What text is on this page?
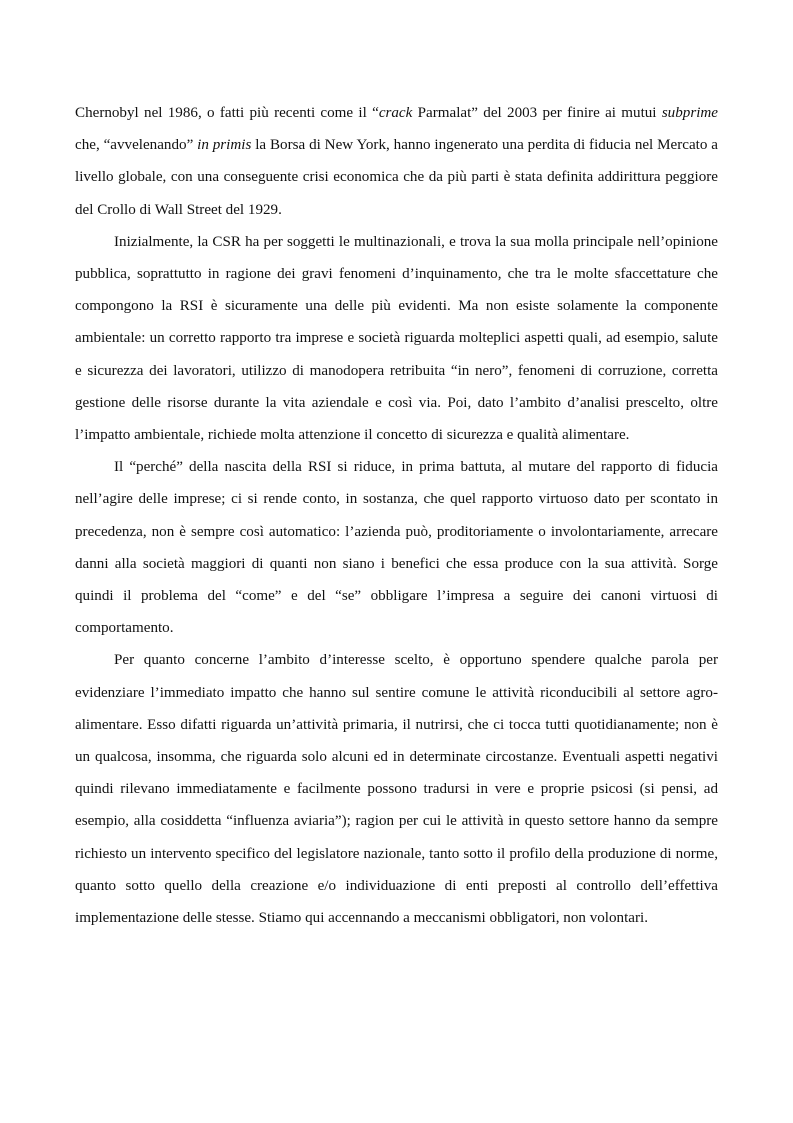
Chernobyl nel 1986, o fatti più recenti come il “crack Parmalat” del 2003 per finire ai mutui subprime che, “avvelenando” in primis la Borsa di New York, hanno ingenerato una perdita di fiducia nel Mercato a livello globale, con una conseguente crisi economica che da più parti è stata definita addirittura peggiore del Crollo di Wall Street del 1929.

Inizialmente, la CSR ha per soggetti le multinazionali, e trova la sua molla principale nell’opinione pubblica, soprattutto in ragione dei gravi fenomeni d’inquinamento, che tra le molte sfaccettature che compongono la RSI è sicuramente una delle più evidenti. Ma non esiste solamente la componente ambientale: un corretto rapporto tra imprese e società riguarda molteplici aspetti quali, ad esempio, salute e sicurezza dei lavoratori, utilizzo di manodopera retribuita “in nero”, fenomeni di corruzione, corretta gestione delle risorse durante la vita aziendale e così via. Poi, dato l’ambito d’analisi prescelto, oltre l’impatto ambientale, richiede molta attenzione il concetto di sicurezza e qualità alimentare.

Il “perché” della nascita della RSI si riduce, in prima battuta, al mutare del rapporto di fiducia nell’agire delle imprese; ci si rende conto, in sostanza, che quel rapporto virtuoso dato per scontato in precedenza, non è sempre così automatico: l’azienda può, proditoriamente o involontariamente, arrecare danni alla società maggiori di quanti non siano i benefici che essa produce con la sua attività. Sorge quindi il problema del “come” e del “se” obbligare l’impresa a seguire dei canoni virtuosi di comportamento.

Per quanto concerne l’ambito d’interesse scelto, è opportuno spendere qualche parola per evidenziare l’immediato impatto che hanno sul sentire comune le attività riconducibili al settore agro-alimentare. Esso difatti riguarda un’attività primaria, il nutrirsi, che ci tocca tutti quotidianamente; non è un qualcosa, insomma, che riguarda solo alcuni ed in determinate circostanze. Eventuali aspetti negativi quindi rilevano immediatamente e facilmente possono tradursi in vere e proprie psicosi (si pensi, ad esempio, alla cosiddetta “influenza aviaria”); ragion per cui le attività in questo settore hanno da sempre richiesto un intervento specifico del legislatore nazionale, tanto sotto il profilo della produzione di norme, quanto sotto quello della creazione e/o individuazione di enti preposti al controllo dell’effettiva implementazione delle stesse. Stiamo qui accennando a meccanismi obbligatori, non volontari.
